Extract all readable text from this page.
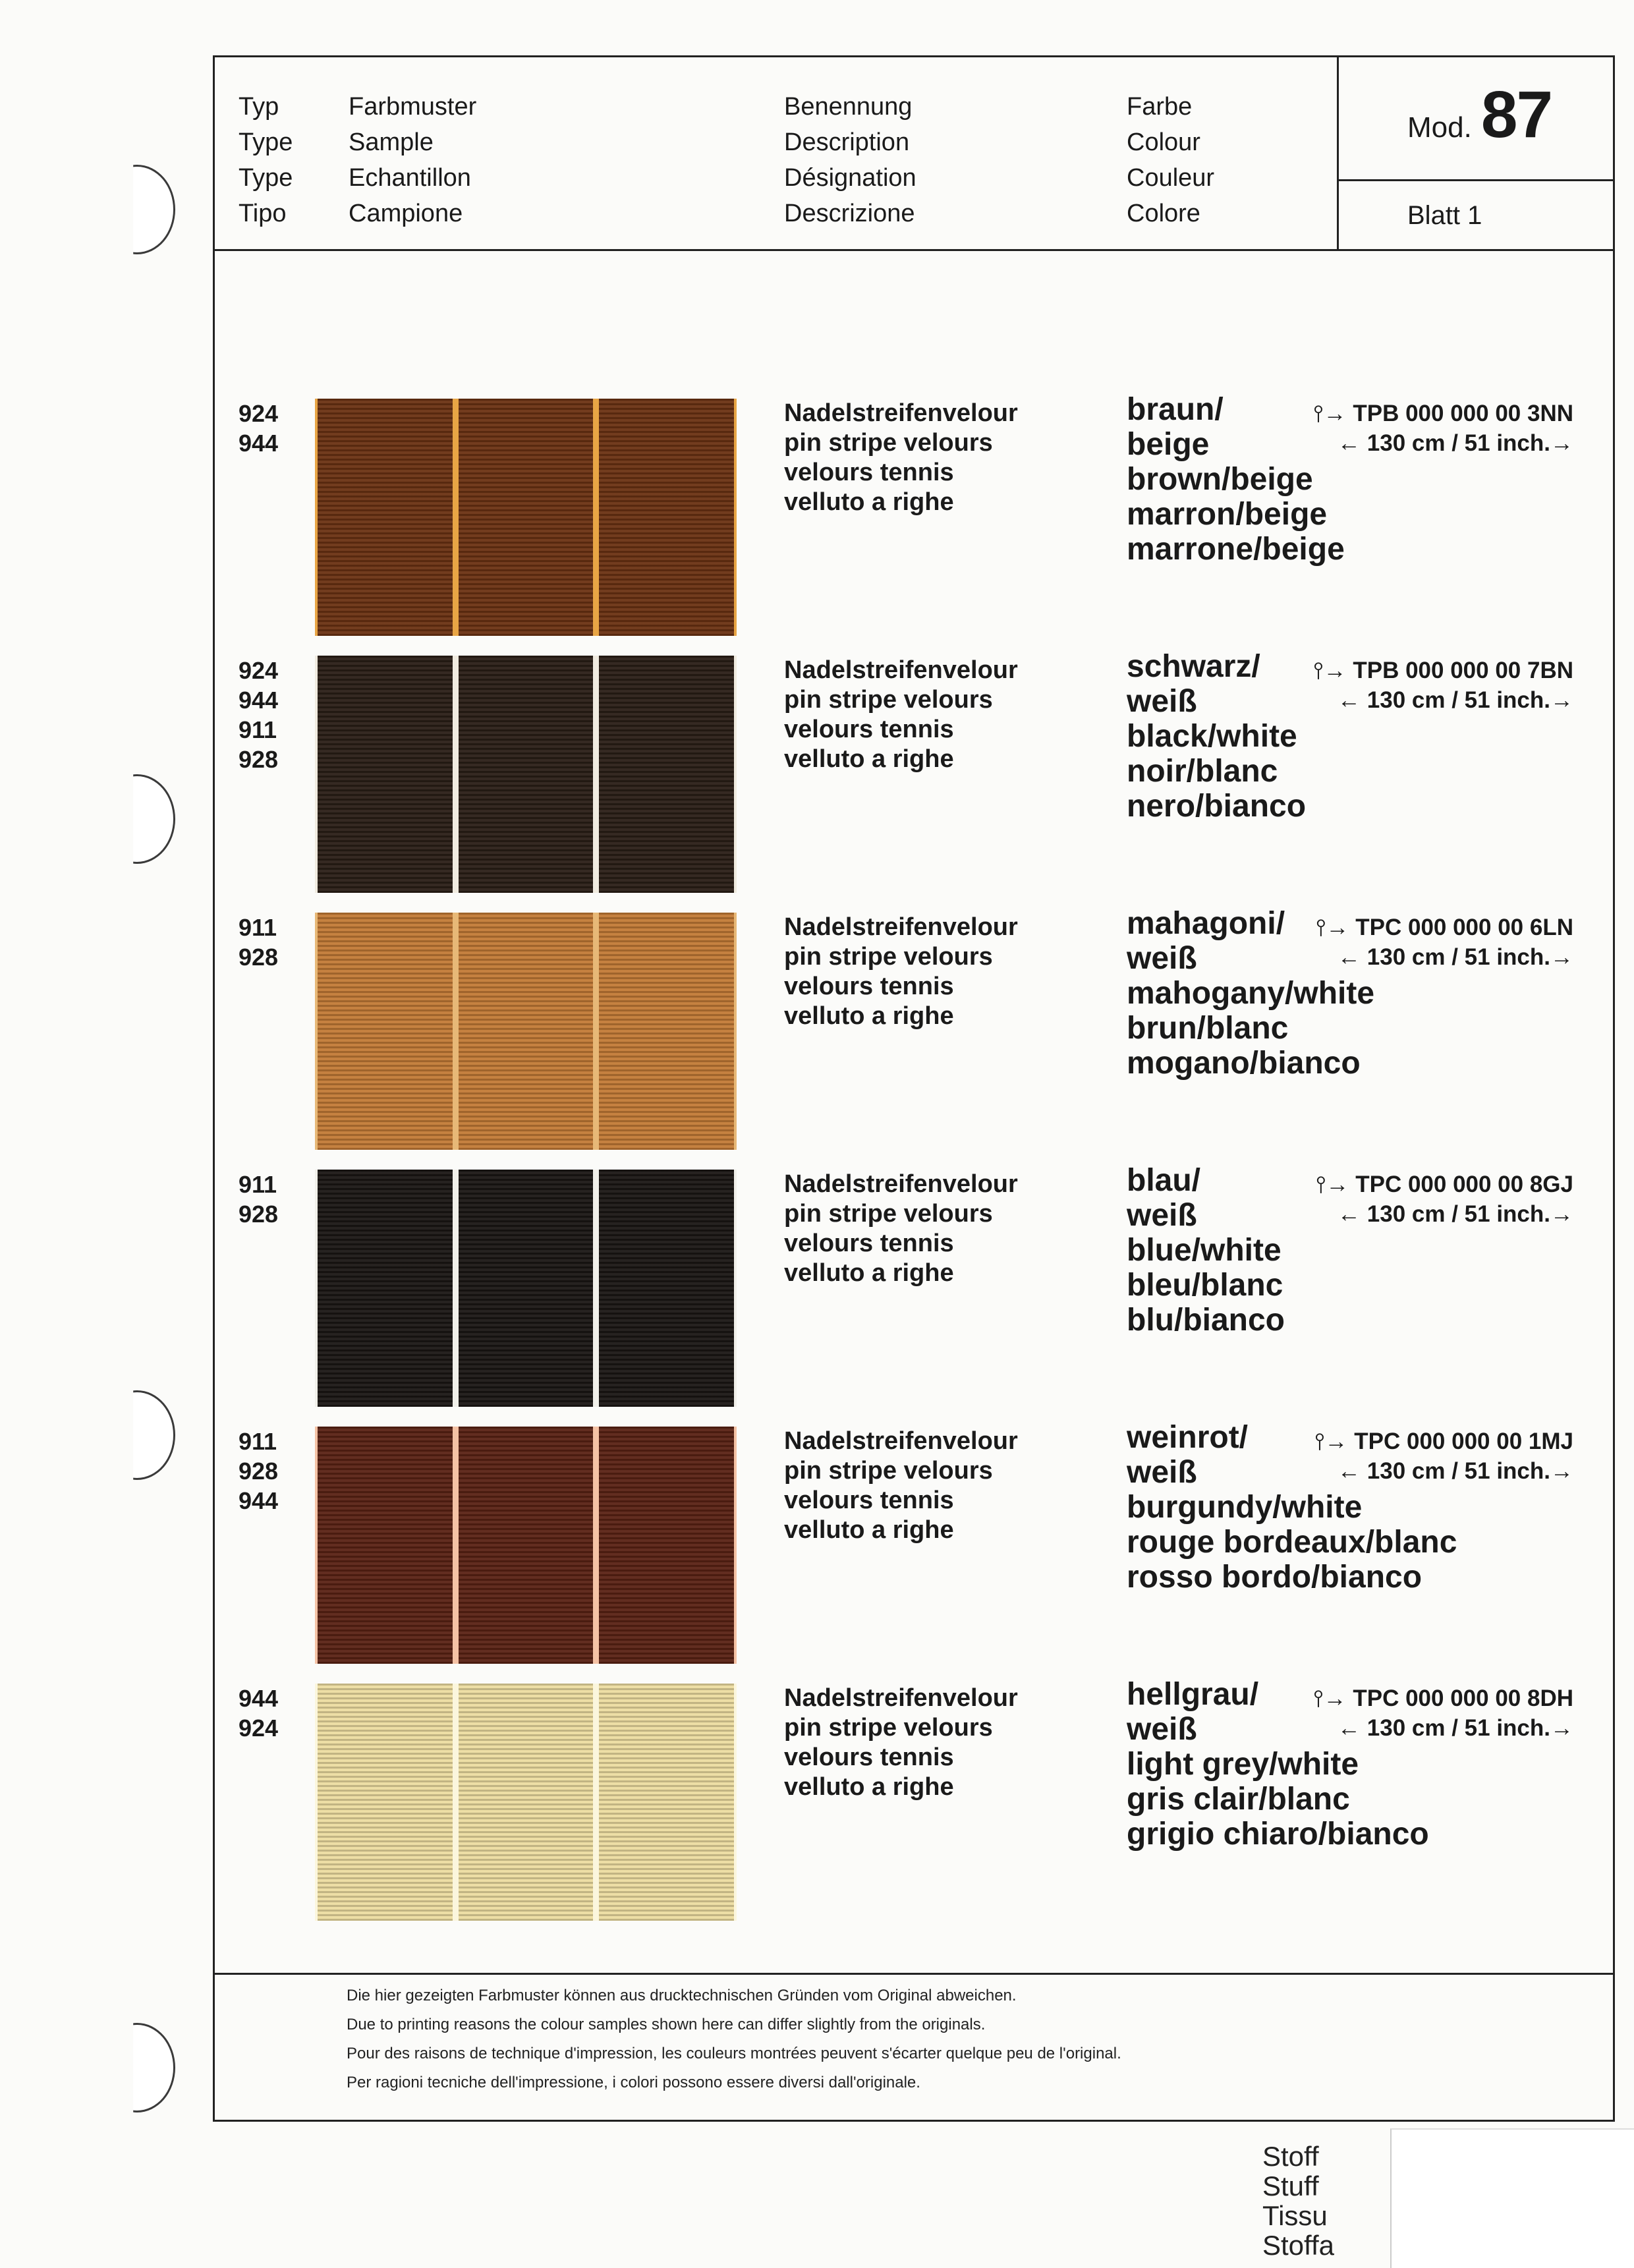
Typ
Type
Type
Tipo
Farbmuster
Sample
Echantillon
Campione
Benennung
Description
Désignation
Descrizione
Farbe
Colour
Couleur
Colore
Mod. 87
Blatt 1
924
944
Nadelstreifenvelour
pin stripe velours
velours tennis
velluto a righe
braun/
beige
brown/beige
marron/beige
marrone/beige
⫯→ TPB 000 000 00 3NN
← 130 cm / 51 inch.→
924
944
911
928
Nadelstreifenvelour
pin stripe velours
velours tennis
velluto a righe
schwarz/
weiß
black/white
noir/blanc
nero/bianco
⫯→ TPB 000 000 00 7BN
← 130 cm / 51 inch.→
911
928
Nadelstreifenvelour
pin stripe velours
velours tennis
velluto a righe
mahagoni/
weiß
mahogany/white
brun/blanc
mogano/bianco
⫯→ TPC 000 000 00 6LN
← 130 cm / 51 inch.→
911
928
Nadelstreifenvelour
pin stripe velours
velours tennis
velluto a righe
blau/
weiß
blue/white
bleu/blanc
blu/bianco
⫯→ TPC 000 000 00 8GJ
← 130 cm / 51 inch.→
911
928
944
Nadelstreifenvelour
pin stripe velours
velours tennis
velluto a righe
weinrot/
weiß
burgundy/white
rouge bordeaux/blanc
rosso bordo/bianco
⫯→ TPC 000 000 00 1MJ
← 130 cm / 51 inch.→
944
924
Nadelstreifenvelour
pin stripe velours
velours tennis
velluto a righe
hellgrau/
weiß
light grey/white
gris clair/blanc
grigio chiaro/bianco
⫯→ TPC 000 000 00 8DH
← 130 cm / 51 inch.→
Die hier gezeigten Farbmuster können aus drucktechnischen Gründen vom Original abweichen.
Due to printing reasons the colour samples shown here can differ slightly from the originals.
Pour des raisons de technique d'impression, les couleurs montrées peuvent s'écarter quelque peu de l'original.
Per ragioni tecniche dell'impressione, i colori possono essere diversi dall'originale.
Stoff
Stuff
Tissu
Stoffa
